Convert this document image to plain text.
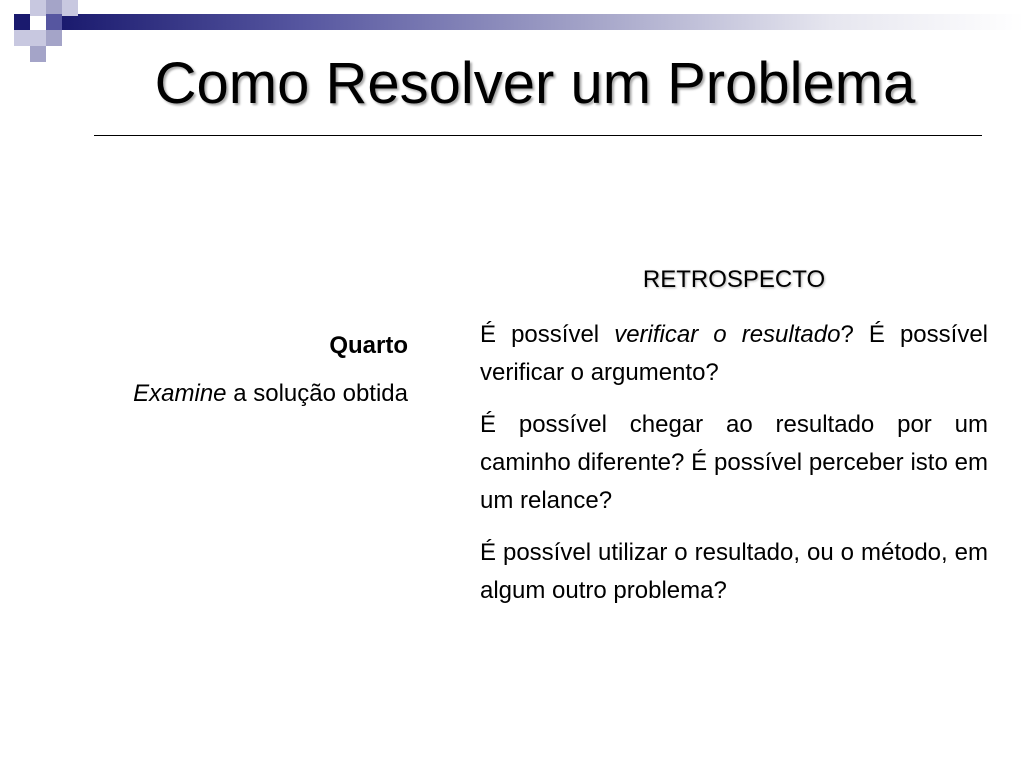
Como Resolver um Problema
Quarto
Examine a solução obtida
RETROSPECTO

É possível verificar o resultado? É possível verificar o argumento?

É possível chegar ao resultado por um caminho diferente? É possível perceber isto em um relance?

É possível utilizar o resultado, ou o método, em algum outro problema?
